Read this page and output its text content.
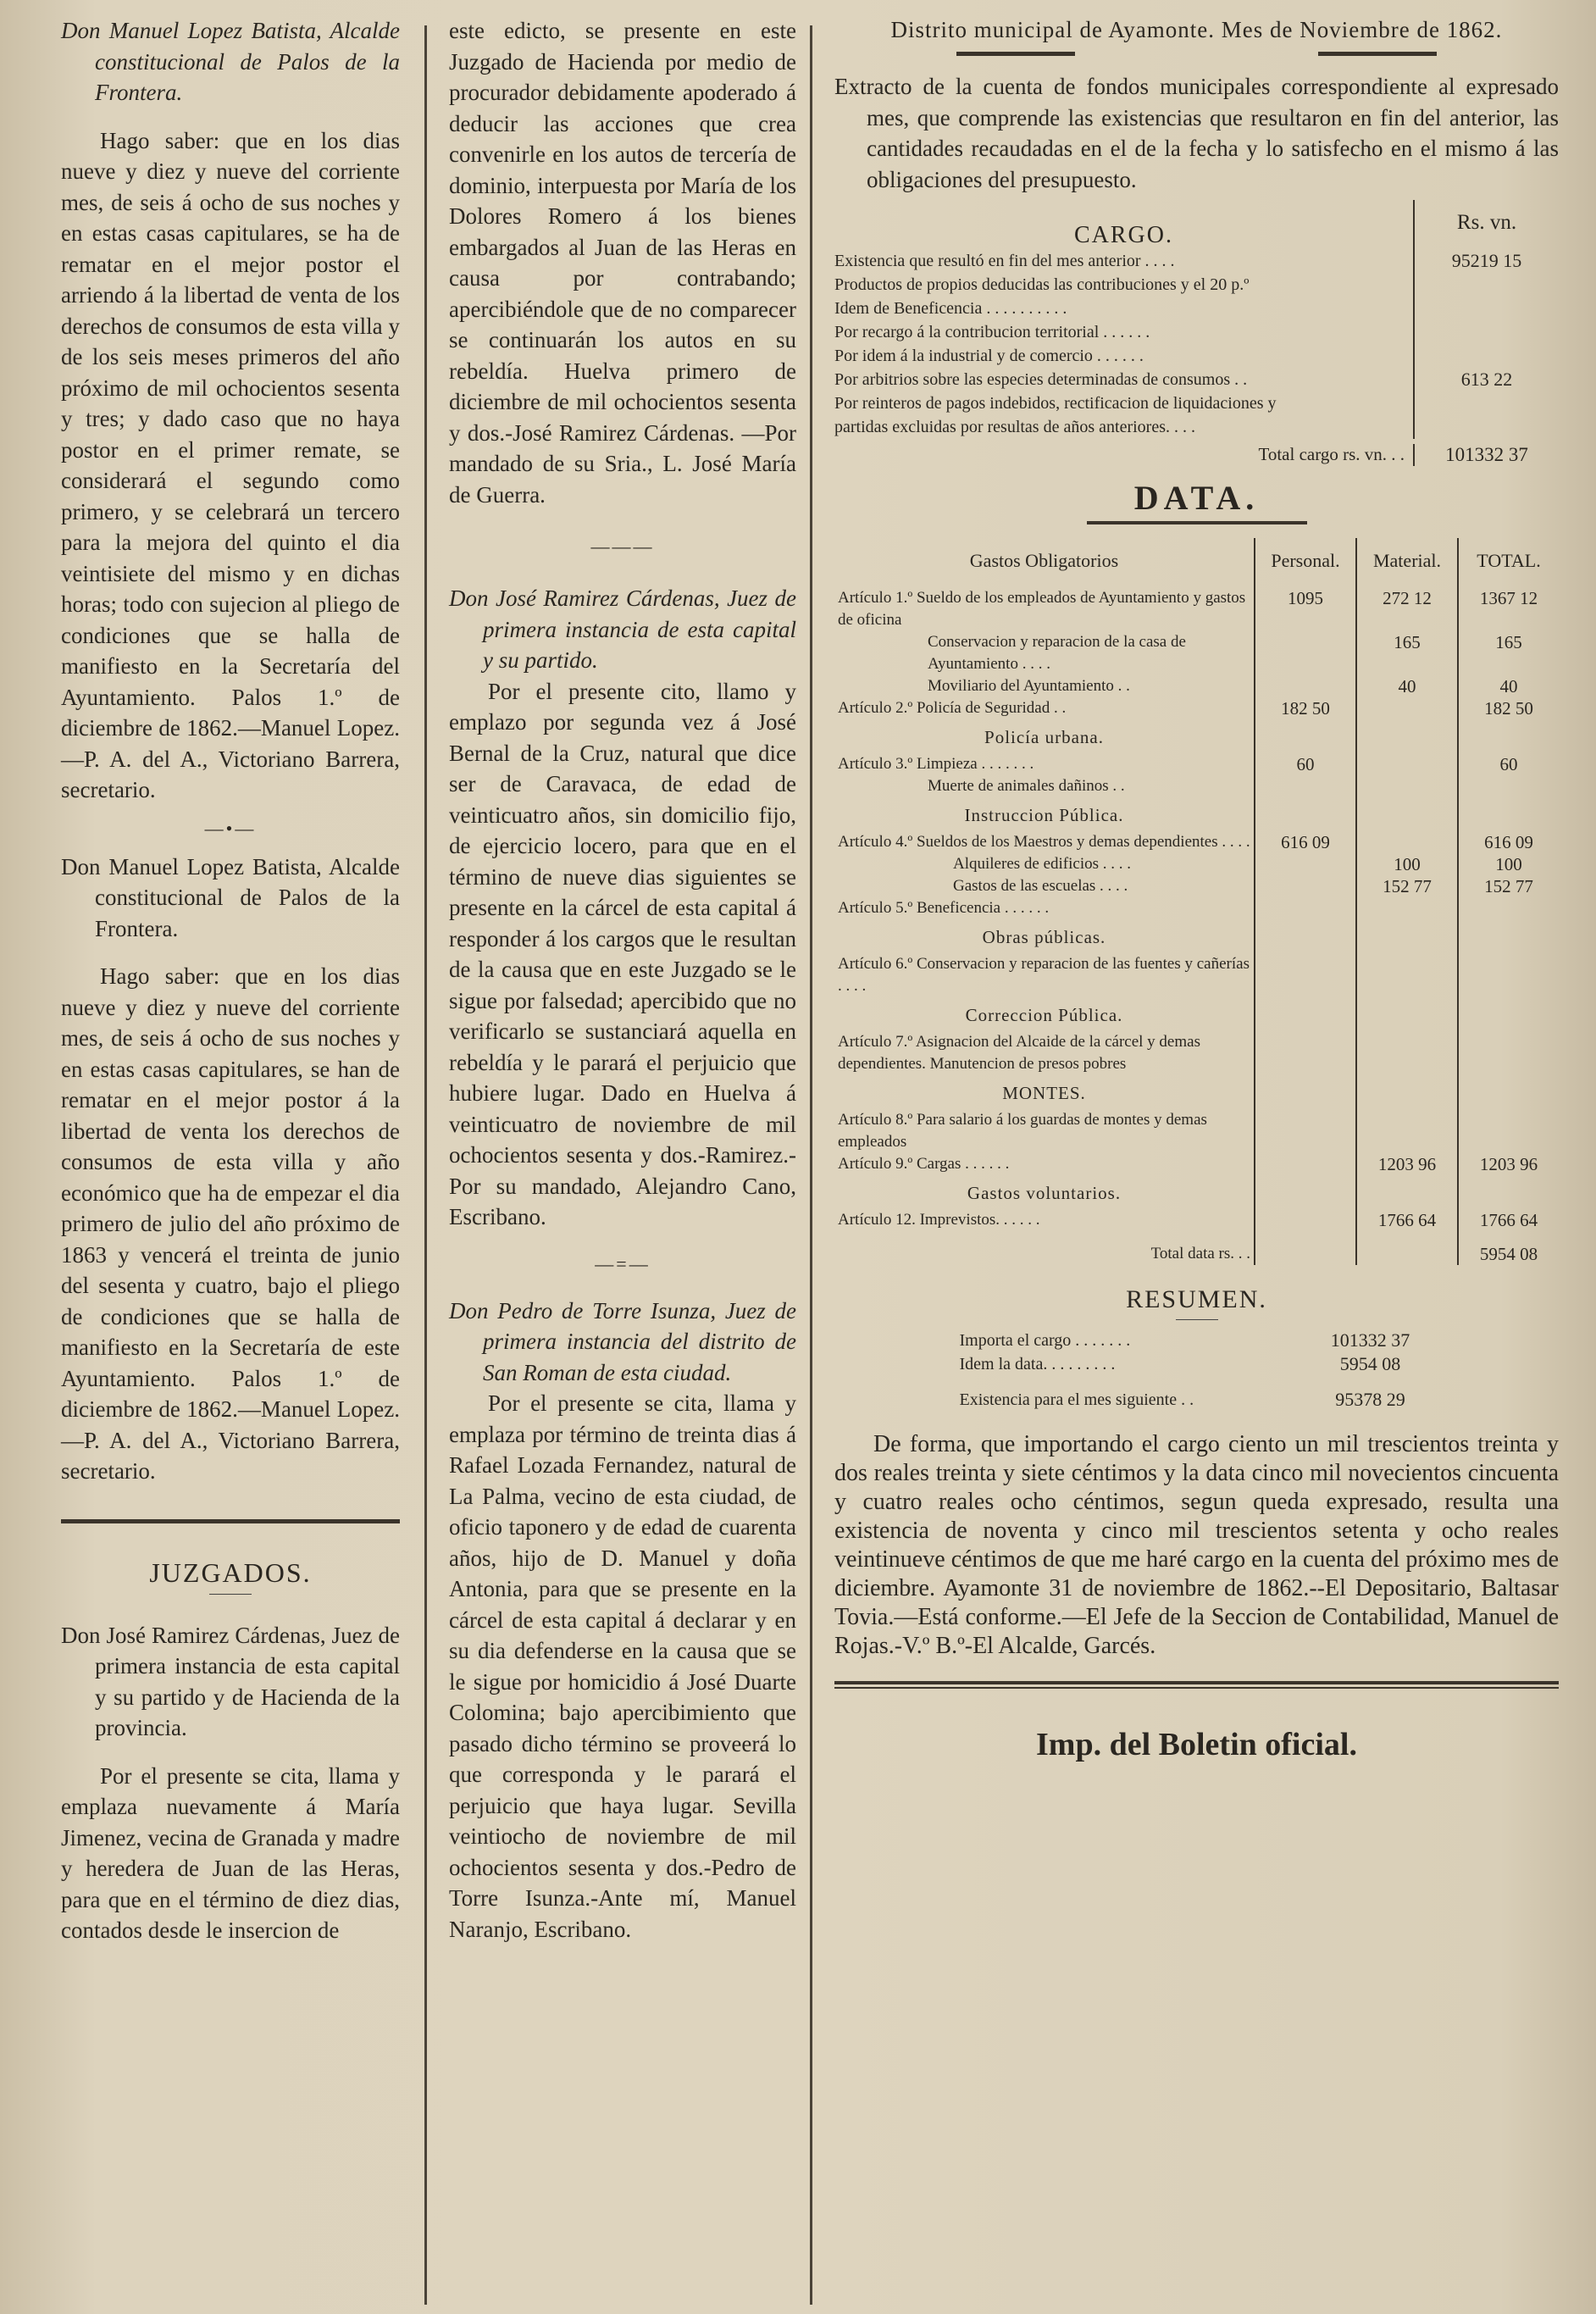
Don Manuel Lopez Batista, Alcalde constitucional de Palos de la Frontera.

Hago saber: que en los dias nueve y diez y nueve del corriente mes, de seis á ocho de sus noches y en estas casas capitulares, se ha de rematar en el mejor postor el arriendo á la libertad de venta de los derechos de consumos de esta villa y de los seis meses primeros del año próximo de mil ochocientos sesenta y tres; y dado caso que no haya postor en el primer remate, se considerará el segundo como primero, y se celebrará un tercero para la mejora del quinto el dia veintisiete del mismo y en dichas horas; todo con sujecion al pliego de condiciones que se halla de manifiesto en la Secretaría del Ayuntamiento. Palos 1.º de diciembre de 1862.—Manuel Lopez.—P. A. del A., Victoriano Barrera, secretario.

—•—

Don Manuel Lopez Batista, Alcalde constitucional de Palos de la Frontera.

Hago saber: que en los dias nueve y diez y nueve del corriente mes, de seis á ocho de sus noches y en estas casas capitulares, se han de rematar en el mejor postor á la libertad de venta los derechos de consumos de esta villa y año económico que ha de empezar el dia primero de julio del año próximo de 1863 y vencerá el treinta de junio del sesenta y cuatro, bajo el pliego de condiciones que se halla de manifiesto en la Secretaría de este Ayuntamiento. Palos 1.º de diciembre de 1862.—Manuel Lopez.—P. A. del A., Victoriano Barrera, secretario.

JUZGADOS.

Don José Ramirez Cárdenas, Juez de primera instancia de esta capital y su partido y de Hacienda de la provincia.

Por el presente se cita, llama y emplaza nuevamente á María Jimenez, vecina de Granada y madre y heredera de Juan de las Heras, para que en el término de diez dias, contados desde le insercion de

este edicto, se presente en este Juzgado de Hacienda por medio de procurador debidamente apoderado á deducir las acciones que crea convenirle en los autos de tercería de dominio, interpuesta por María de los Dolores Romero á los bienes embargados al Juan de las Heras en causa por contrabando; apercibiéndole que de no comparecer se continuarán los autos en su rebeldía. Huelva primero de diciembre de mil ochocientos sesenta y dos.-José Ramirez Cárdenas. —Por mandado de su Sria., L. José María de Guerra.

———

Don José Ramirez Cárdenas, Juez de primera instancia de esta capital y su partido.

Por el presente cito, llamo y emplazo por segunda vez á José Bernal de la Cruz, natural que dice ser de Caravaca, de edad de veinticuatro años, sin domicilio fijo, de ejercicio locero, para que en el término de nueve dias siguientes se presente en la cárcel de esta capital á responder á los cargos que le resultan de la causa que en este Juzgado se le sigue por falsedad; apercibido que no verificarlo se sustanciará aquella en rebeldía y le parará el perjuicio que hubiere lugar. Dado en Huelva á veinticuatro de noviembre de mil ochocientos sesenta y dos.-Ramirez.-Por su mandado, Alejandro Cano, Escribano.

—=—

Don Pedro de Torre Isunza, Juez de primera instancia del distrito de San Roman de esta ciudad.

Por el presente se cita, llama y emplaza por término de treinta dias á Rafael Lozada Fernandez, natural de La Palma, vecino de esta ciudad, de oficio taponero y de edad de cuarenta años, hijo de D. Manuel y doña Antonia, para que se presente en la cárcel de esta capital á declarar y en su dia defenderse en la causa que se le sigue por homicidio á José Duarte Colomina; bajo apercibimiento que pasado dicho término se proveerá lo que corresponda y le parará el perjuicio que haya lugar. Sevilla veintiocho de noviembre de mil ochocientos sesenta y dos.-Pedro de Torre Isunza.-Ante mí, Manuel Naranjo, Escribano.

Distrito municipal de Ayamonte. Mes de Noviembre de 1862.

Extracto de la cuenta de fondos municipales correspondiente al expresado mes, que comprende las existencias que resultaron en fin del anterior, las cantidades recaudadas en el de la fecha y lo satisfecho en el mismo á las obligaciones del presupuesto.

CARGO.	Rs. vn.
Existencia que resultó en fin del mes anterior . . . .	95219 15
Productos de propios deducidas las contribuciones y el 20 p.º
Idem de Beneficencia . . . . . . . . . .
Por recargo á la contribucion territorial . . . . . .
Por idem á la industrial y de comercio . . . . . .
Por arbitrios sobre las especies determinadas de consumos . .	613 22
Por reinteros de pagos indebidos, rectificacion de liquidaciones y
partidas excluidas por resultas de años anteriores. . . .
Total cargo rs. vn. . .	101332 37
DATA.
Gastos Obligatorios	Personal.	Material.	TOTAL.
Artículo 1.º Sueldo de los empleados de Ayuntamiento y gastos de oficina	1095	272 12	1367 12
Conservacion y reparacion de la casa de Ayuntamiento . . . .		165	165
Moviliario del Ayuntamiento . .		40	40
Artículo 2.º Policía de Seguridad . .	182 50		182 50
Policía urbana.			
Artículo 3.º Limpieza . . . . . . .	60		60
Muerte de animales dañinos . .			
Instruccion Pública.			
Artículo 4.º Sueldos de los Maestros y demas dependientes . . . .	616 09		616 09
Alquileres de edificios . . . .		100	100
Gastos de las escuelas . . . .		152 77	152 77
Artículo 5.º Beneficencia . . . . . .			
Obras públicas.			
Artículo 6.º Conservacion y reparacion de las fuentes y cañerías . . . .			
Correccion Pública.			
Artículo 7.º Asignacion del Alcaide de la cárcel y demas dependientes. Manutencion de presos pobres			
MONTES.			
Artículo 8.º Para salario á los guardas de montes y demas empleados			
Artículo 9.º Cargas . . . . . .		1203 96	1203 96
Gastos voluntarios.			
Artículo 12. Imprevistos. . . . . .		1766 64	1766 64
Total data rs. . .			5954 08
RESUMEN.
Importa el cargo . . . . . . .	101332 37
Idem la data. . . . . . . . .	5954 08
Existencia para el mes siguiente . .	95378 29

De forma, que importando el cargo ciento un mil trescientos treinta y dos reales treinta y siete céntimos y la data cinco mil novecientos cincuenta y cuatro reales ocho céntimos, segun queda expresado, resulta una existencia de noventa y cinco mil trescientos setenta y ocho reales veintinueve céntimos de que me haré cargo en la cuenta del próximo mes de diciembre. Ayamonte 31 de noviembre de 1862.--El Depositario, Baltasar Tovia.—Está conforme.—El Jefe de la Seccion de Contabilidad, Manuel de Rojas.-V.º B.º-El Alcalde, Garcés.

Imp. del Boletin oficial.
